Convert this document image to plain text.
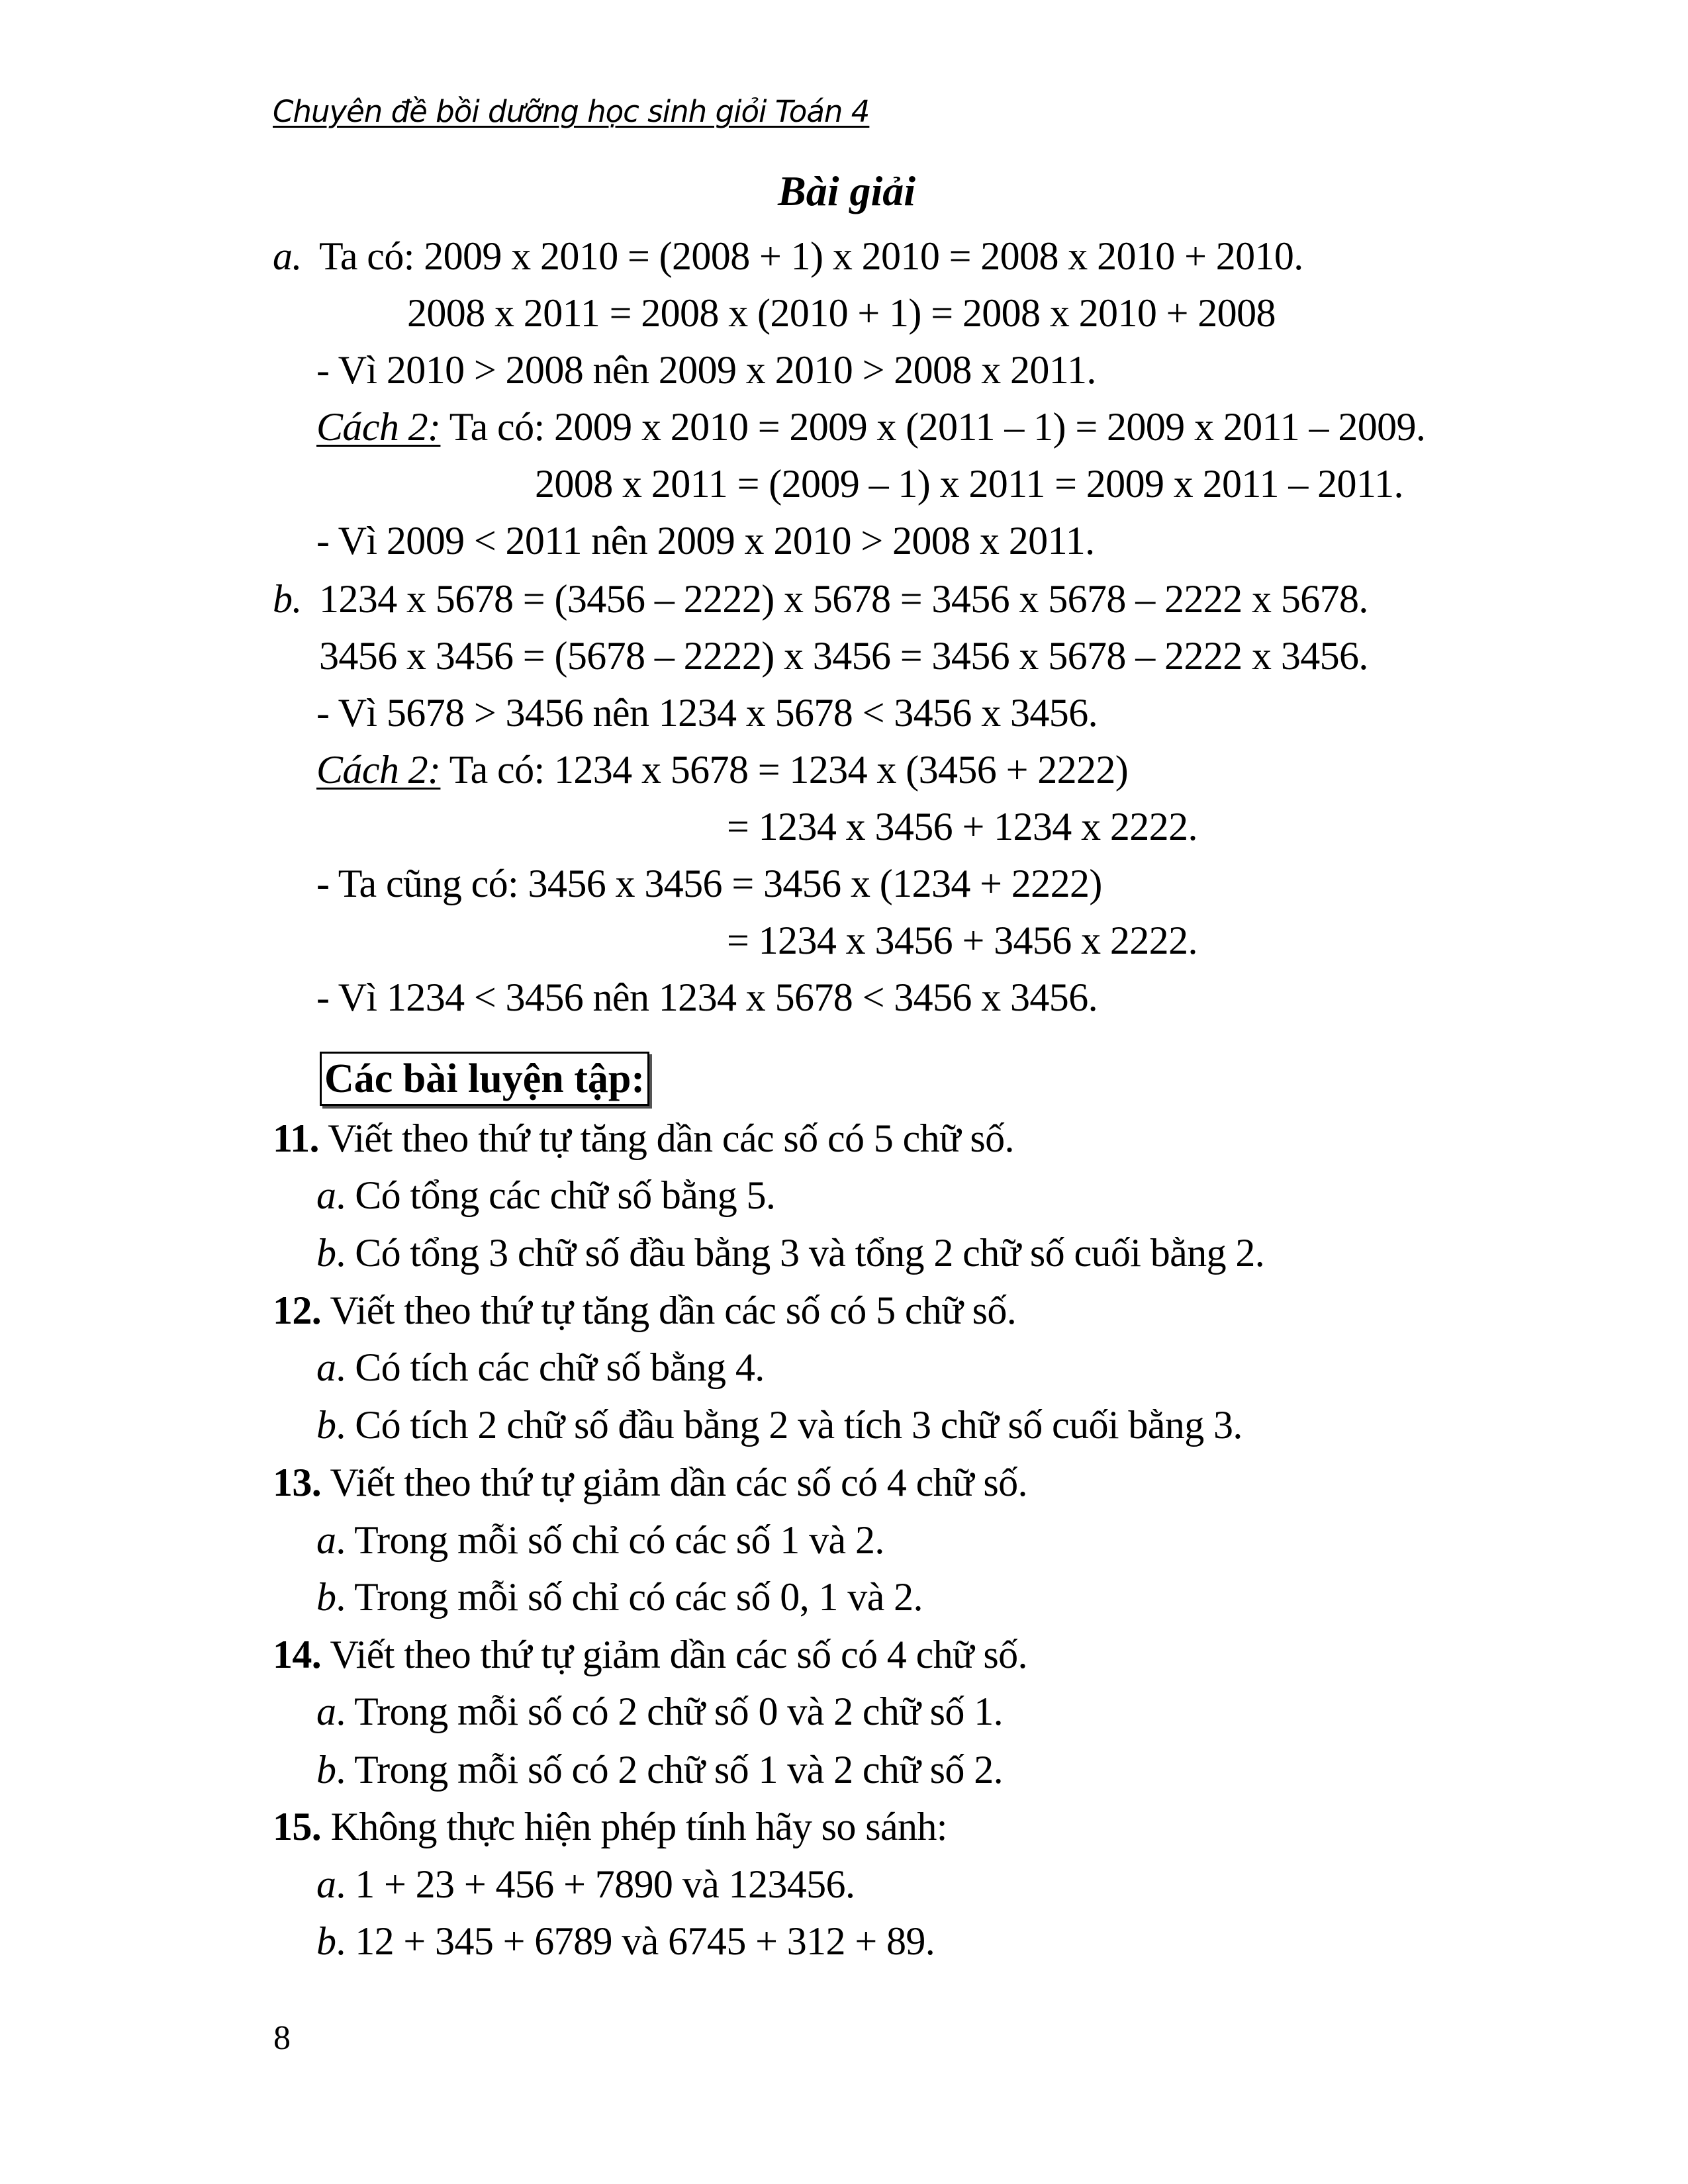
Chuyên đề bồi dưỡng học sinh giỏi Toán 4
Bài giải
a. Ta có: 2009 x 2010 = (2008 + 1) x 2010 = 2008 x 2010 + 2010.
2008 x 2011 = 2008 x (2010 + 1) = 2008 x 2010 + 2008
- Vì 2010 > 2008 nên 2009 x 2010 > 2008 x 2011.
Cách 2: Ta có: 2009 x 2010 = 2009 x (2011 – 1) = 2009 x 2011 – 2009.
2008 x 2011 = (2009 – 1) x 2011 = 2009 x 2011 – 2011.
- Vì 2009 < 2011 nên 2009 x 2010 > 2008 x 2011.
b. 1234 x 5678 = (3456 – 2222) x 5678 = 3456 x 5678 – 2222 x 5678.
3456 x 3456 = (5678 – 2222) x 3456 = 3456 x 5678 – 2222 x 3456.
- Vì 5678 > 3456 nên 1234 x 5678 < 3456 x 3456.
Cách 2: Ta có: 1234 x 5678 = 1234 x (3456 + 2222)
= 1234 x 3456 + 1234 x 2222.
- Ta cũng có: 3456 x 3456 = 3456 x (1234 + 2222)
= 1234 x 3456 + 3456 x 2222.
- Vì 1234 < 3456 nên 1234 x 5678 < 3456 x 3456.
Các bài luyện tập:
11. Viết theo thứ tự tăng dần các số có 5 chữ số.
a. Có tổng các chữ số bằng 5.
b. Có tổng 3 chữ số đầu bằng 3 và tổng 2 chữ số cuối bằng 2.
12. Viết theo thứ tự tăng dần các số có 5 chữ số.
a. Có tích các chữ số bằng 4.
b. Có tích 2 chữ số đầu bằng 2 và tích 3 chữ số cuối bằng 3.
13. Viết theo thứ tự giảm dần các số có 4 chữ số.
a. Trong mỗi số chỉ có các số 1 và 2.
b. Trong mỗi số chỉ có các số 0, 1 và 2.
14. Viết theo thứ tự giảm dần các số có 4 chữ số.
a. Trong mỗi số có 2 chữ số 0 và 2 chữ số 1.
b. Trong mỗi số có 2 chữ số 1 và 2 chữ số 2.
15. Không thực hiện phép tính hãy so sánh:
a. 1 + 23 + 456 + 7890 và 123456.
b. 12 + 345 + 6789 và 6745 + 312 + 89.
8
